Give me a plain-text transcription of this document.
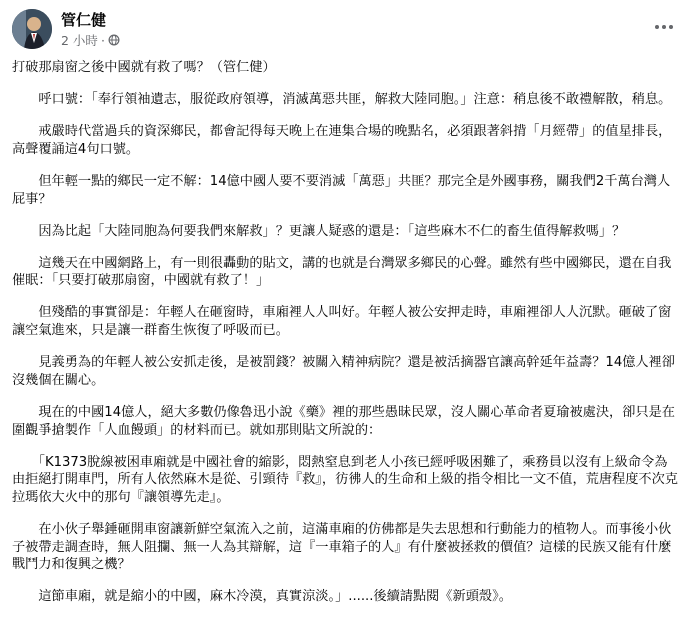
管仁健
2 小時 ·

打破那扇窗之後中國就有救了嗎？（管仁健）

　　呼口號：「奉行領袖遺志，服從政府領導，消滅萬惡共匪，解救大陸同胞。」注意：稍息後不敢禮解散，稍息。

　　戒嚴時代當過兵的資深鄉民，都會記得每天晚上在連集合場的晚點名，必須跟著斜揹「月經帶」的值星排長，高聲覆誦這4句口號。

　　但年輕一點的鄉民一定不解：14億中國人要不要消滅「萬惡」共匪？那完全是外國事務，關我們2千萬台灣人屁事？

　　因為比起「大陸同胞為何要我們來解救」？更讓人疑惑的還是：「這些麻木不仁的畜生值得解救嗎」？

　　這幾天在中國網路上，有一則很轟動的貼文，講的也就是台灣眾多鄉民的心聲。雖然有些中國鄉民，還在自我催眠：「只要打破那扇窗，中國就有救了！」

　　但殘酷的事實卻是：年輕人在砸窗時，車廂裡人人叫好。年輕人被公安押走時，車廂裡卻人人沉默。砸破了窗讓空氣進來，只是讓一群畜生恢復了呼吸而已。

　　見義勇為的年輕人被公安抓走後，是被罰錢？被關入精神病院？還是被活摘器官讓高幹延年益壽？14億人裡卻沒幾個在關心。

　　現在的中國14億人，絕大多數仍像魯迅小說《藥》裡的那些愚昧民眾，沒人關心革命者夏瑜被處決，卻只是在圍觀爭搶製作「人血饅頭」的材料而已。就如那則貼文所說的：

　　「K1373脫線被困車廂就是中國社會的縮影，悶熱窒息到老人小孩已經呼吸困難了，乘務員以沒有上級命令為由拒絕打開車門，所有人依然麻木是從、引頸待『救』，彷彿人的生命和上級的指令相比一文不值，荒唐程度不次克拉瑪依大火中的那句『讓領導先走』。

　　在小伙子舉錘砸開車窗讓新鮮空氣流入之前，這滿車廂的仿佛都是失去思想和行動能力的植物人。而事後小伙子被帶走調查時，無人阻攔、無一人為其辯解，這『一車箱子的人』有什麼被拯救的價值？這樣的民族又能有什麼戰鬥力和復興之機？

　　這節車廂，就是縮小的中國，麻木冷漠，真實涼淡。」......後續請點閱《新頭殼》。
